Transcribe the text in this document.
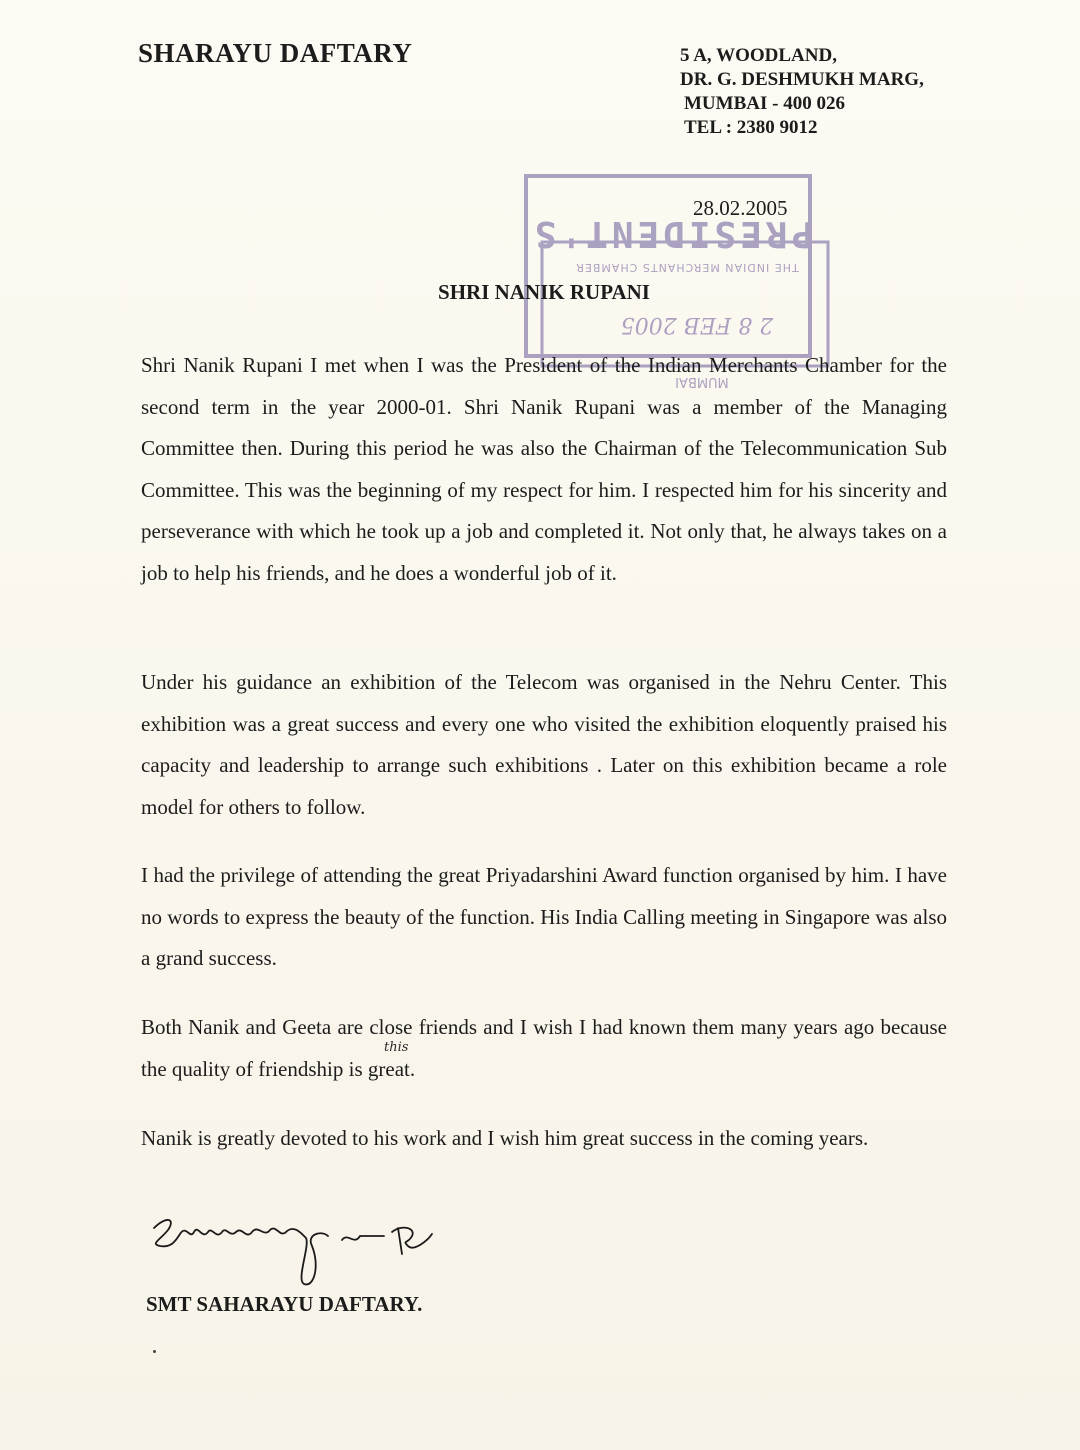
SHARAYU DAFTARY	5 A, WOODLAND,
DR. G. DESHMUKH MARG,
MUMBAI - 400 026
TEL : 2380 9012
PRESIDENT'S
THE INDIAN MERCHANTS CHAMBER
2 8 FEB 2005
MUMBAI
28.02.2005
SHRI NANIK RUPANI

Shri Nanik Rupani I met when I was the President of the Indian Merchants Chamber for the second term in the year 2000-01. Shri Nanik Rupani was a member of the Managing Committee then. During this period he was also the Chairman of the Telecommunication Sub Committee. This was the beginning of my respect for him. I respected him for his sincerity and perseverance with which he took up a job and completed it. Not only that, he always takes on a job to help his friends, and he does a wonderful job of it.

Under his guidance an exhibition of the Telecom was organised in the Nehru Center. This exhibition was a great success and every one who visited the exhibition eloquently praised his capacity and leadership to arrange such exhibitions . Later on this exhibition became a role model for others to follow.

I had the privilege of attending the great Priyadarshini Award function organised by him. I have no words to express the beauty of the function. His India Calling meeting in Singapore was also a grand success.

Both Nanik and Geeta are close friends and I wish I had known them many years ago because the quality of friendship is great.

Nanik is greatly devoted to his work and I wish him great success in the coming years.

this
SMT SAHARAYU DAFTARY.
